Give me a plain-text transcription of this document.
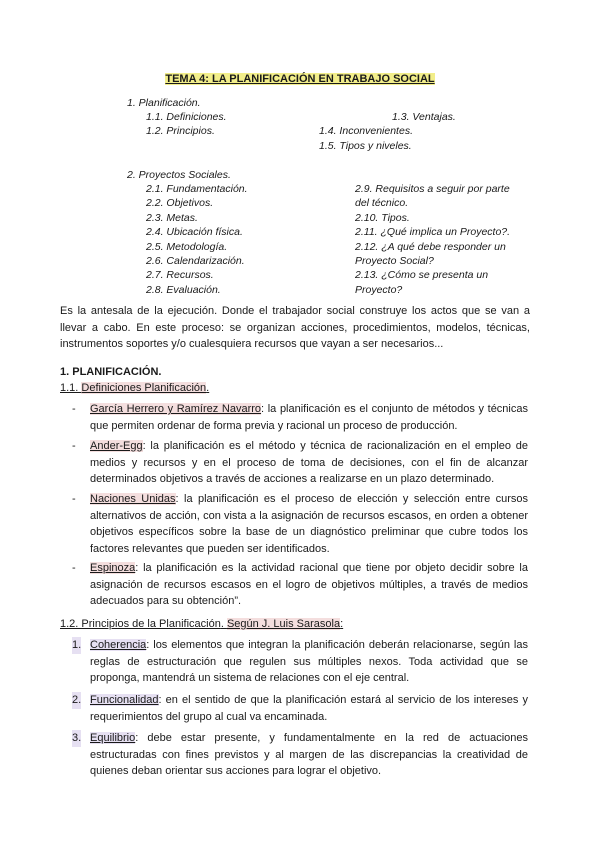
TEMA 4: LA PLANIFICACIÓN EN TRABAJO SOCIAL
1. Planificación.
1.1. Definiciones.	1.3. Ventajas.
1.2. Principios.	1.4. Inconvenientes.
1.5. Tipos y niveles.
2. Proyectos Sociales.
2.1. Fundamentación.
2.2. Objetivos.
2.3. Metas.
2.4. Ubicación física.
2.5. Metodología.
2.6. Calendarización.
2.7. Recursos.
2.8. Evaluación.
2.9. Requisitos a seguir por parte
del técnico.
2.10. Tipos.
2.11. ¿Qué implica un Proyecto?.
2.12. ¿A qué debe responder un
Proyecto Social?
2.13. ¿Cómo se presenta un
Proyecto?
Es la antesala de la ejecución. Donde el trabajador social construye los actos que se van a llevar a cabo. En este proceso: se organizan acciones, procedimientos, modelos, técnicas, instrumentos soportes y/o cualesquiera recursos que vayan a ser necesarios...
1. PLANIFICACIÓN.
1.1. Definiciones Planificación.
- García Herrero y Ramírez Navarro: la planificación es el conjunto de métodos y técnicas que permiten ordenar de forma previa y racional un proceso de producción.
- Ander-Egg: la planificación es el método y técnica de racionalización en el empleo de medios y recursos y en el proceso de toma de decisiones, con el fin de alcanzar determinados objetivos a través de acciones a realizarse en un plazo determinado.
- Naciones Unidas: la planificación es el proceso de elección y selección entre cursos alternativos de acción, con vista a la asignación de recursos escasos, en orden a obtener objetivos específicos sobre la base de un diagnóstico preliminar que cubre todos los factores relevantes que pueden ser identificados.
- Espinoza: la planificación es la actividad racional que tiene por objeto decidir sobre la asignación de recursos escasos en el logro de objetivos múltiples, a través de medios adecuados para su obtención”.
1.2. Principios de la Planificación. Según J. Luis Sarasola:
1. Coherencia: los elementos que integran la planificación deberán relacionarse, según las reglas de estructuración que regulen sus múltiples nexos. Toda actividad que se proponga, mantendrá un sistema de relaciones con el eje central.
2. Funcionalidad: en el sentido de que la planificación estará al servicio de los intereses y requerimientos del grupo al cual va encaminada.
3. Equilibrio: debe estar presente, y fundamentalmente en la red de actuaciones estructuradas con fines previstos y al margen de las discrepancias la creatividad de quienes deban orientar sus acciones para lograr el objetivo.
